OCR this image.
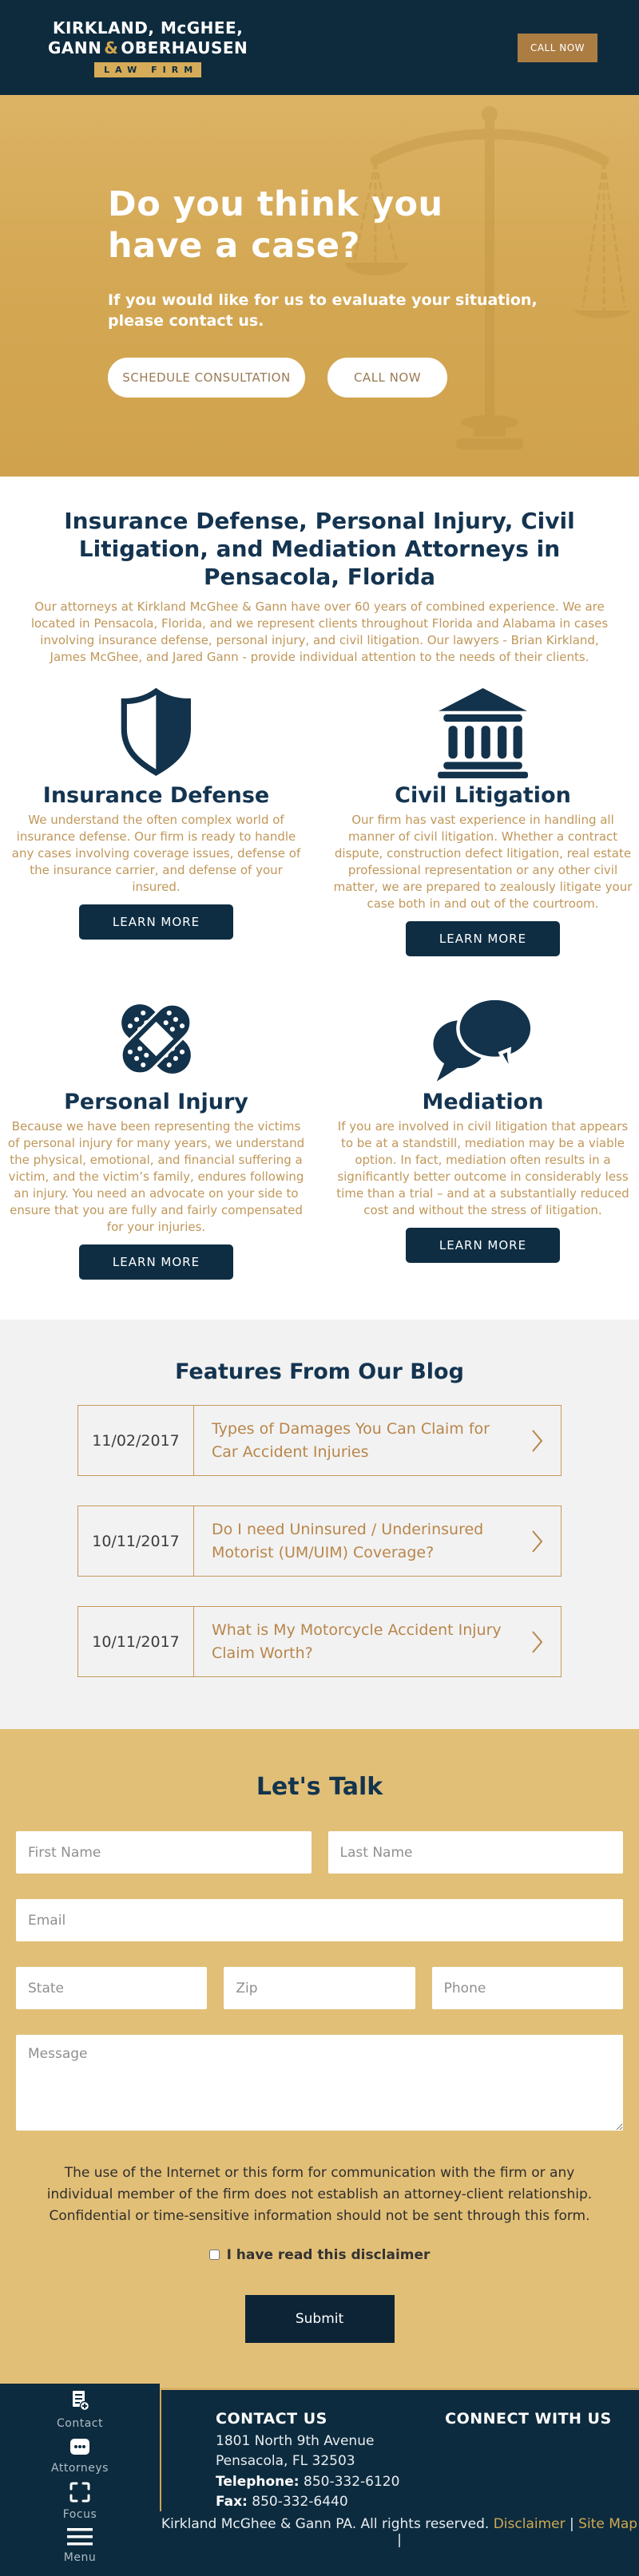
KIRKLAND, McGHEE,
GANN & OBERHAUSEN
LAW FIRM
CALL NOW
Do you think you
have a case?
If you would like for us to evaluate your situation, please contact us.
SCHEDULE CONSULTATION	CALL NOW
Insurance Defense, Personal Injury, Civil Litigation, and Mediation Attorneys in Pensacola, Florida

Our attorneys at Kirkland McGhee & Gann have over 60 years of combined experience. We are located in Pensacola, Florida, and we represent clients throughout Florida and Alabama in cases involving insurance defense, personal injury, and civil litigation. Our lawyers - Brian Kirkland, James McGhee, and Jared Gann - provide individual attention to the needs of their clients.

Insurance Defense
We understand the often complex world of insurance defense. Our firm is ready to handle any cases involving coverage issues, defense of the insurance carrier, and defense of your insured.
LEARN MORE
Civil Litigation
Our firm has vast experience in handling all manner of civil litigation. Whether a contract dispute, construction defect litigation, real estate professional representation or any other civil matter, we are prepared to zealously litigate your case both in and out of the courtroom.
LEARN MORE
Personal Injury
Because we have been representing the victims of personal injury for many years, we understand the physical, emotional, and financial suffering a victim, and the victim’s family, endures following an injury. You need an advocate on your side to ensure that you are fully and fairly compensated for your injuries.
LEARN MORE
Mediation
If you are involved in civil litigation that appears to be at a standstill, mediation may be a viable option. In fact, mediation often results in a significantly better outcome in considerably less time than a trial – and at a substantially reduced cost and without the stress of litigation.
LEARN MORE
Features From Our Blog
11/02/2017
Types of Damages You Can Claim for Car Accident Injuries
10/11/2017
Do I need Uninsured / Underinsured Motorist (UM/UIM) Coverage?
10/11/2017
What is My Motorcycle Accident Injury Claim Worth?
Let's Talk
First Name
Last Name
Email
State
Zip
Phone
Message

The use of the Internet or this form for communication with the firm or any individual member of the firm does not establish an attorney-client relationship. Confidential or time-sensitive information should not be sent through this form.

I have read this disclaimer
Submit
CONTACT US
1801 North 9th Avenue
Pensacola, FL 32503
Telephone: 850-332-6120
Fax: 850-332-6440
CONNECT WITH US
Kirkland McGhee & Gann PA. All rights reserved. Disclaimer | Site Map |
Contact
Attorneys
Focus
Menu
